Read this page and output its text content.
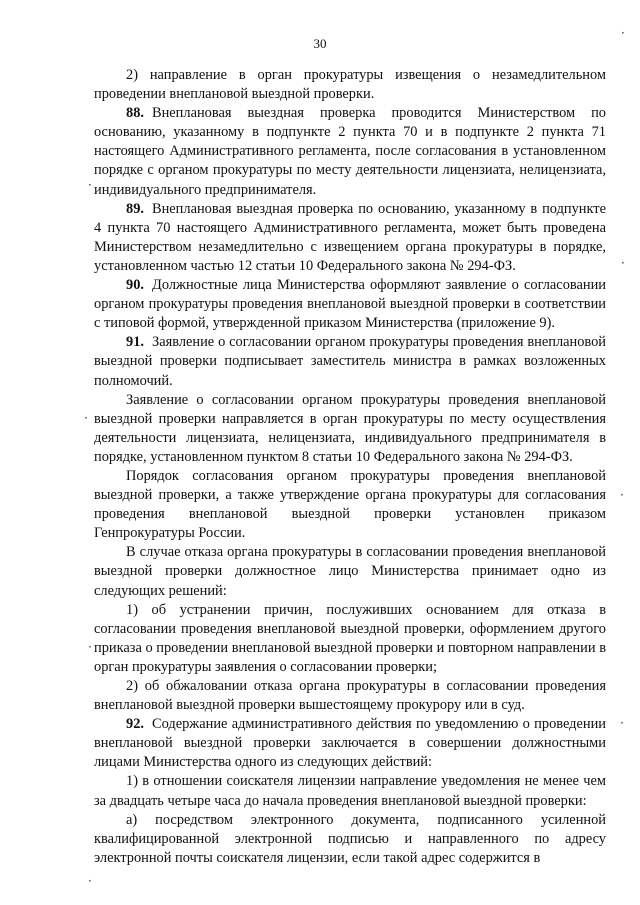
30

2) направление в орган прокуратуры извещения о незамедлительном проведении внеплановой выездной проверки.

88. Внеплановая выездная проверка проводится Министерством по основанию, указанному в подпункте 2 пункта 70 и в подпункте 2 пункта 71 настоящего Административного регламента, после согласования в установленном порядке с органом прокуратуры по месту деятельности лицензиата, нелицензиата, индивидуального предпринимателя.

89. Внеплановая выездная проверка по основанию, указанному в подпункте 4 пункта 70 настоящего Административного регламента, может быть проведена Министерством незамедлительно с извещением органа прокуратуры в порядке, установленном частью 12 статьи 10 Федерального закона № 294-ФЗ.

90. Должностные лица Министерства оформляют заявление о согласовании органом прокуратуры проведения внеплановой выездной проверки в соответствии с типовой формой, утвержденной приказом Министерства (приложение 9).

91. Заявление о согласовании органом прокуратуры проведения внеплановой выездной проверки подписывает заместитель министра в рамках возложенных полномочий.

Заявление о согласовании органом прокуратуры проведения внеплановой выездной проверки направляется в орган прокуратуры по месту осуществления деятельности лицензиата, нелицензиата, индивидуального предпринимателя в порядке, установленном пунктом 8 статьи 10 Федерального закона № 294-ФЗ.

Порядок согласования органом прокуратуры проведения внеплановой выездной проверки, а также утверждение органа прокуратуры для согласования проведения внеплановой выездной проверки установлен приказом Генпрокуратуры России.

В случае отказа органа прокуратуры в согласовании проведения внеплановой выездной проверки должностное лицо Министерства принимает одно из следующих решений:

1) об устранении причин, послуживших основанием для отказа в согласовании проведения внеплановой выездной проверки, оформлением другого приказа о проведении внеплановой выездной проверки и повторном направлении в орган прокуратуры заявления о согласовании проверки;

2) об обжаловании отказа органа прокуратуры в согласовании проведения внеплановой выездной проверки вышестоящему прокурору или в суд.

92. Содержание административного действия по уведомлению о проведении внеплановой выездной проверки заключается в совершении должностными лицами Министерства одного из следующих действий:

1) в отношении соискателя лицензии направление уведомления не менее чем за двадцать четыре часа до начала проведения внеплановой выездной проверки:

а) посредством электронного документа, подписанного усиленной квалифицированной электронной подписью и направленного по адресу электронной почты соискателя лицензии, если такой адрес содержится в

·
·
·
·
·
·
·
·
